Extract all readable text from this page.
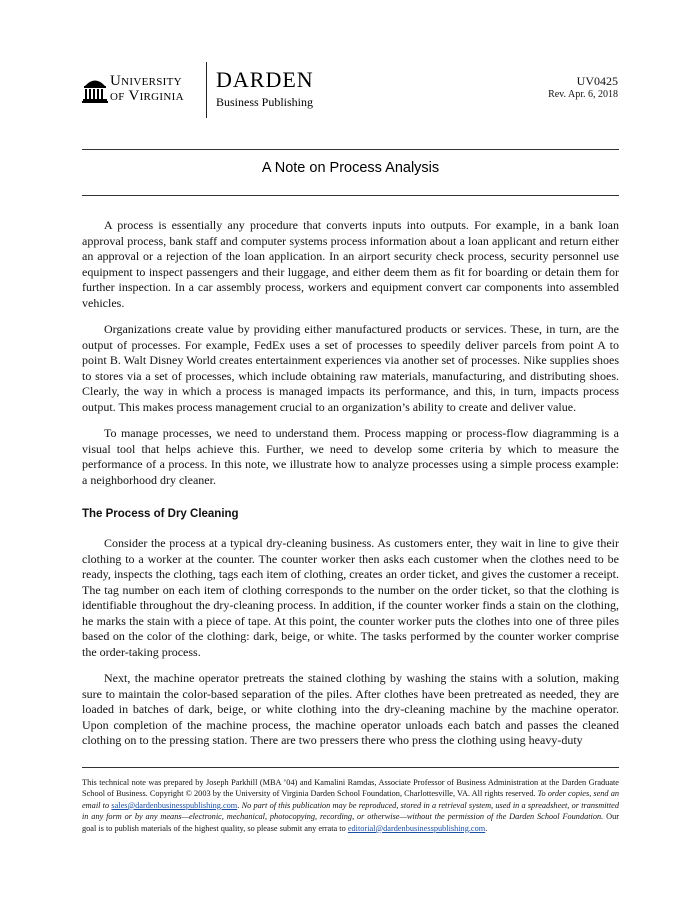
University
of Virginia
DARDEN
Business Publishing
UV0425
Rev. Apr. 6, 2018
A Note on Process Analysis

A process is essentially any procedure that converts inputs into outputs. For example, in a bank loan approval process, bank staff and computer systems process information about a loan applicant and return either an approval or a rejection of the loan application. In an airport security check process, security personnel use equipment to inspect passengers and their luggage, and either deem them as fit for boarding or detain them for further inspection. In a car assembly process, workers and equipment convert car components into assembled vehicles.

Organizations create value by providing either manufactured products or services. These, in turn, are the output of processes. For example, FedEx uses a set of processes to speedily deliver parcels from point A to point B. Walt Disney World creates entertainment experiences via another set of processes. Nike supplies shoes to stores via a set of processes, which include obtaining raw materials, manufacturing, and distributing shoes. Clearly, the way in which a process is managed impacts its performance, and this, in turn, impacts process output. This makes process management crucial to an organization’s ability to create and deliver value.

To manage processes, we need to understand them. Process mapping or process-flow diagramming is a visual tool that helps achieve this. Further, we need to develop some criteria by which to measure the performance of a process. In this note, we illustrate how to analyze processes using a simple process example: a neighborhood dry cleaner.

The Process of Dry Cleaning

Consider the process at a typical dry-cleaning business. As customers enter, they wait in line to give their clothing to a worker at the counter. The counter worker then asks each customer when the clothes need to be ready, inspects the clothing, tags each item of clothing, creates an order ticket, and gives the customer a receipt. The tag number on each item of clothing corresponds to the number on the order ticket, so that the clothing is identifiable throughout the dry-cleaning process. In addition, if the counter worker finds a stain on the clothing, he marks the stain with a piece of tape. At this point, the counter worker puts the clothes into one of three piles based on the color of the clothing: dark, beige, or white. The tasks performed by the counter worker comprise the order-taking process.

Next, the machine operator pretreats the stained clothing by washing the stains with a solution, making sure to maintain the color-based separation of the piles. After clothes have been pretreated as needed, they are loaded in batches of dark, beige, or white clothing into the dry-cleaning machine by the machine operator. Upon completion of the machine process, the machine operator unloads each batch and passes the cleaned clothing on to the pressing station. There are two pressers there who press the clothing using heavy-duty

This technical note was prepared by Joseph Parkhill (MBA ’04) and Kamalini Ramdas, Associate Professor of Business Administration at the Darden Graduate School of Business. Copyright © 2003 by the University of Virginia Darden School Foundation, Charlottesville, VA. All rights reserved. To order copies, send an email to sales@dardenbusinesspublishing.com. No part of this publication may be reproduced, stored in a retrieval system, used in a spreadsheet, or transmitted in any form or by any means—electronic, mechanical, photocopying, recording, or otherwise—without the permission of the Darden School Foundation. Our goal is to publish materials of the highest quality, so please submit any errata to editorial@dardenbusinesspublishing.com.
